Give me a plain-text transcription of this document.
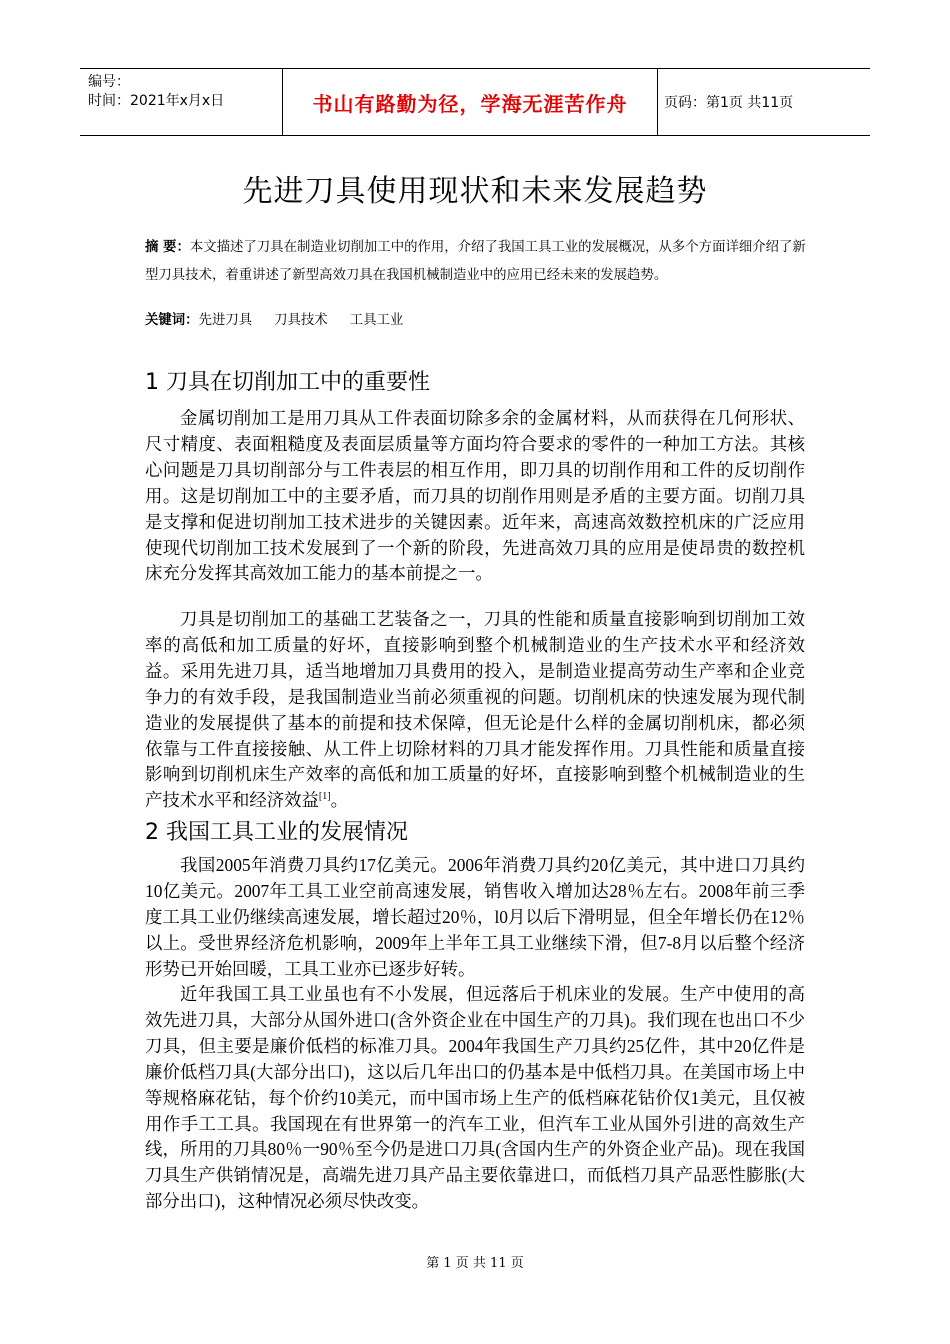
编号：
时间：2021年x月x日	书山有路勤为径，学海无涯苦作舟	页码：第1页 共11页
先进刀具使用现状和未来发展趋势
摘 要：本文描述了刀具在制造业切削加工中的作用，介绍了我国工具工业的发展概况，从多个方面详细介绍了新型刀具技术，着重讲述了新型高效刀具在我国机械制造业中的应用已经未来的发展趋势。
关键词：先进刀具 刀具技术 工具工业
1 刀具在切削加工中的重要性
金属切削加工是用刀具从工件表面切除多余的金属材料，从而获得在几何形状、尺寸精度、表面粗糙度及表面层质量等方面均符合要求的零件的一种加工方法。其核心问题是刀具切削部分与工件表层的相互作用，即刀具的切削作用和工件的反切削作用。这是切削加工中的主要矛盾，而刀具的切削作用则是矛盾的主要方面。切削刀具是支撑和促进切削加工技术进步的关键因素。近年来，高速高效数控机床的广泛应用使现代切削加工技术发展到了一个新的阶段，先进高效刀具的应用是使昂贵的数控机床充分发挥其高效加工能力的基本前提之一。
刀具是切削加工的基础工艺装备之一，刀具的性能和质量直接影响到切削加工效率的高低和加工质量的好坏，直接影响到整个机械制造业的生产技术水平和经济效益。采用先进刀具，适当地增加刀具费用的投入，是制造业提高劳动生产率和企业竞争力的有效手段，是我国制造业当前必须重视的问题。切削机床的快速发展为现代制造业的发展提供了基本的前提和技术保障，但无论是什么样的金属切削机床，都必须依靠与工件直接接触、从工件上切除材料的刀具才能发挥作用。刀具性能和质量直接影响到切削机床生产效率的高低和加工质量的好坏，直接影响到整个机械制造业的生产技术水平和经济效益[1]。
2 我国工具工业的发展情况
我国2005年消费刀具约17亿美元。2006年消费刀具约20亿美元，其中进口刀具约10亿美元。2007年工具工业空前高速发展，销售收入增加达28％左右。2008年前三季度工具工业仍继续高速发展，增长超过20％，l0月以后下滑明显，但全年增长仍在12％以上。受世界经济危机影响，2009年上半年工具工业继续下滑，但7-8月以后整个经济形势已开始回暖，工具工业亦已逐步好转。
近年我国工具工业虽也有不小发展，但远落后于机床业的发展。生产中使用的高效先进刀具，大部分从国外进口(含外资企业在中国生产的刀具)。我们现在也出口不少刀具，但主要是廉价低档的标准刀具。2004年我国生产刀具约25亿件，其中20亿件是廉价低档刀具(大部分出口)，这以后几年出口的仍基本是中低档刀具。在美国市场上中等规格麻花钻，每个价约10美元，而中国市场上生产的低档麻花钻价仅1美元，且仅被用作手工工具。我国现在有世界第一的汽车工业，但汽车工业从国外引进的高效生产线，所用的刀具80％一90％至今仍是进口刀具(含国内生产的外资企业产品)。现在我国刀具生产供销情况是，高端先进刀具产品主要依靠进口，而低档刀具产品恶性膨胀(大部分出口)，这种情况必须尽快改变。
第 1 页 共 11 页
